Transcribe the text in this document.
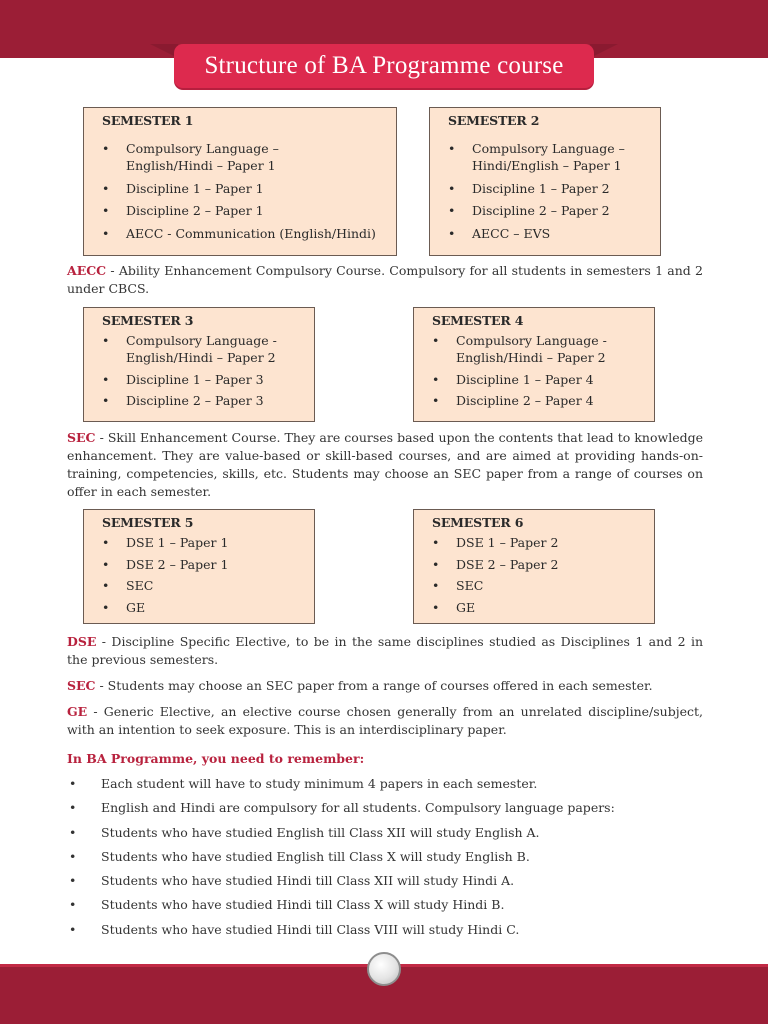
Structure of BA Programme course
SEMESTER 1
• Compulsory Language –
English/Hindi – Paper 1
• Discipline 1 – Paper 1
• Discipline 2 – Paper 1
• AECC - Communication (English/Hindi)
SEMESTER 2
• Compulsory Language –
Hindi/English – Paper 1
• Discipline 1 – Paper 2
• Discipline 2 – Paper 2
• AECC – EVS
AECC - Ability Enhancement Compulsory Course. Compulsory for all students in semesters 1 and 2 under CBCS.
SEMESTER 3
• Compulsory Language -
English/Hindi – Paper 2
• Discipline 1 – Paper 3
• Discipline 2 – Paper 3
SEMESTER 4
• Compulsory Language -
English/Hindi – Paper 2
• Discipline 1 – Paper 4
• Discipline 2 – Paper 4
SEC - Skill Enhancement Course. They are courses based upon the contents that lead to knowledge enhancement. They are value-based or skill-based courses, and are aimed at providing hands-on-training, competencies, skills, etc. Students may choose an SEC paper from a range of courses on offer in each semester.
SEMESTER 5
• DSE 1 – Paper 1
• DSE 2 – Paper 1
• SEC
• GE
SEMESTER 6
• DSE 1 – Paper 2
• DSE 2 – Paper 2
• SEC
• GE
DSE - Discipline Specific Elective, to be in the same disciplines studied as Disciplines 1 and 2 in the previous semesters.
SEC - Students may choose an SEC paper from a range of courses offered in each semester.
GE - Generic Elective, an elective course chosen generally from an unrelated discipline/subject, with an intention to seek exposure. This is an interdisciplinary paper.
In BA Programme, you need to remember:
• Each student will have to study minimum 4 papers in each semester.
• English and Hindi are compulsory for all students. Compulsory language papers:
• Students who have studied English till Class XII will study English A.
• Students who have studied English till Class X will study English B.
• Students who have studied Hindi till Class XII will study Hindi A.
• Students who have studied Hindi till Class X will study Hindi B.
• Students who have studied Hindi till Class VIII will study Hindi C.
